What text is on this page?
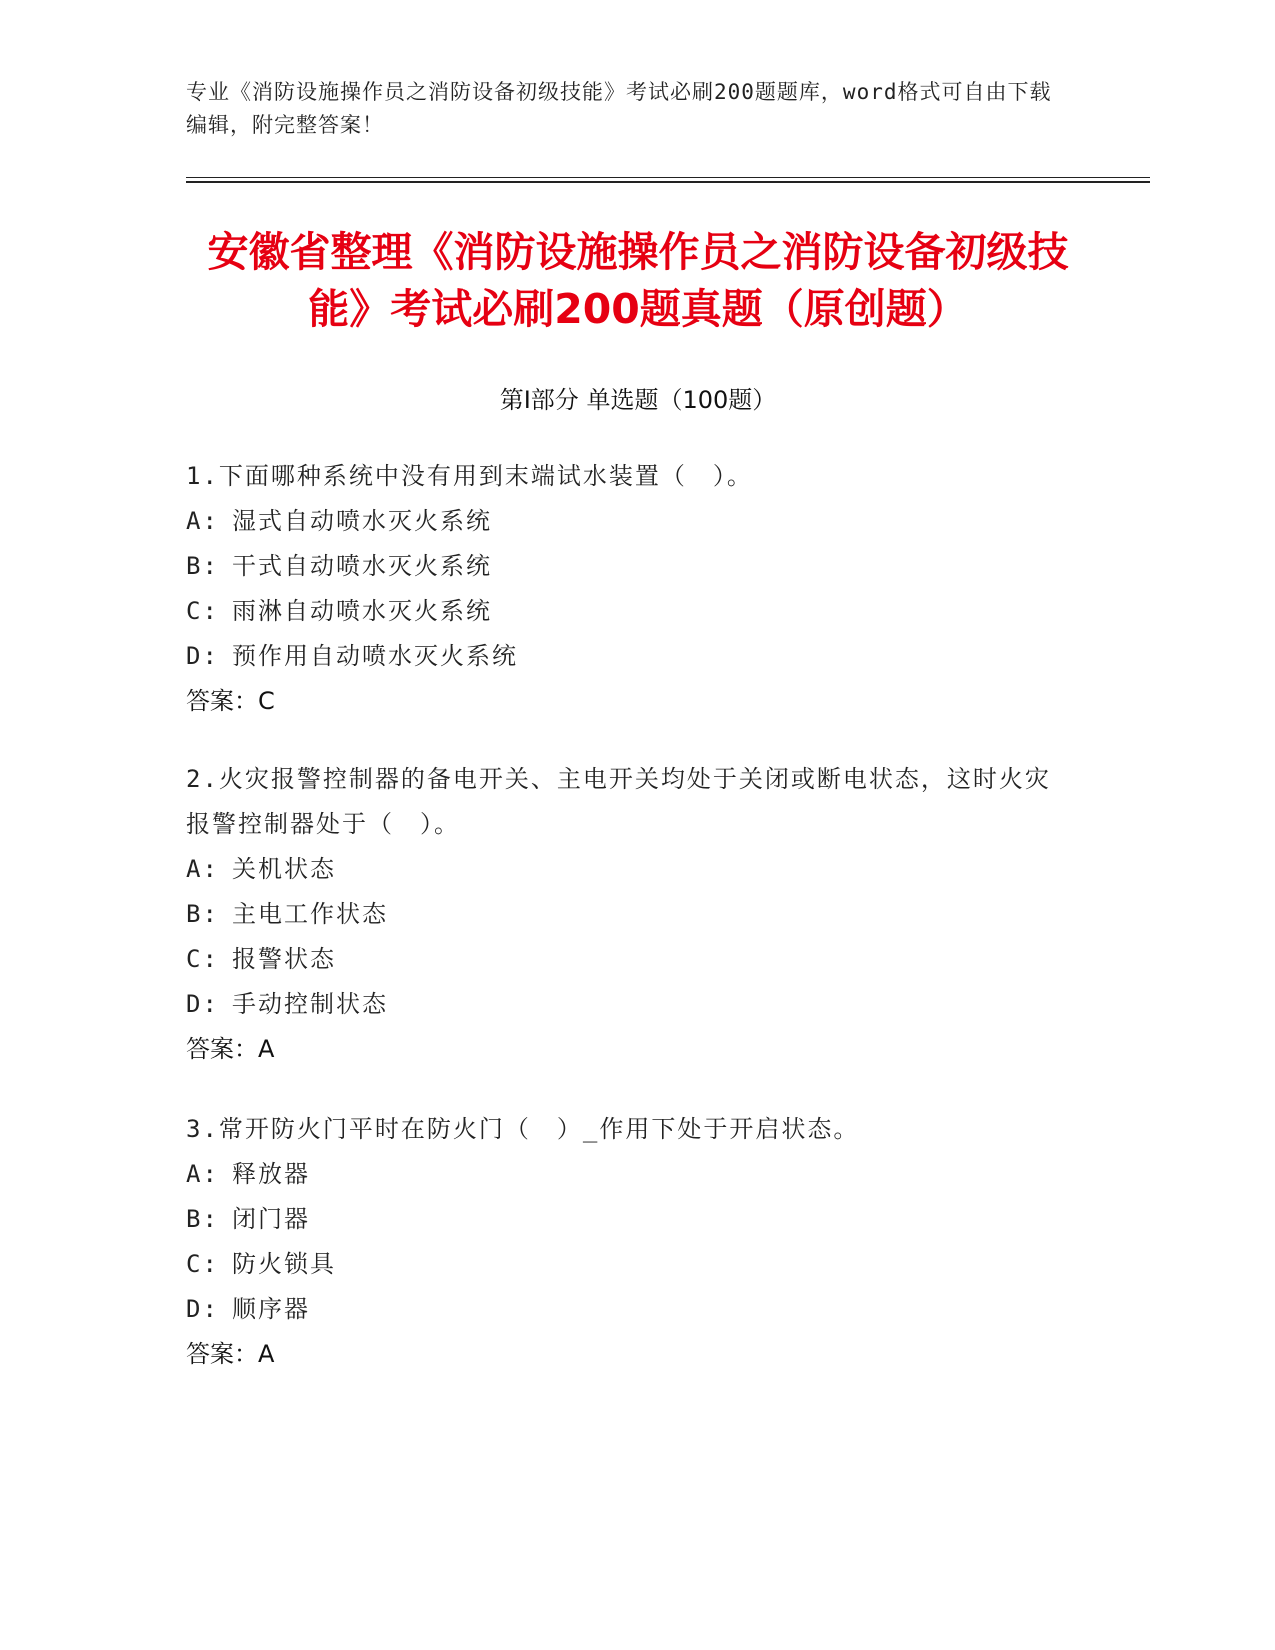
专业《消防设施操作员之消防设备初级技能》考试必刷200题题库，word格式可自由下载编辑，附完整答案！
安徽省整理《消防设施操作员之消防设备初级技能》考试必刷200题真题（原创题）
第Ⅰ部分 单选题（100题）
1.下面哪种系统中没有用到末端试水装置（　）。
A: 湿式自动喷水灭火系统
B: 干式自动喷水灭火系统
C: 雨淋自动喷水灭火系统
D: 预作用自动喷水灭火系统
答案：C
2.火灾报警控制器的备电开关、主电开关均处于关闭或断电状态，这时火灾报警控制器处于（　）。
A: 关机状态
B: 主电工作状态
C: 报警状态
D: 手动控制状态
答案：A
3.常开防火门平时在防火门（　）_作用下处于开启状态。
A: 释放器
B: 闭门器
C: 防火锁具
D: 顺序器
答案：A
